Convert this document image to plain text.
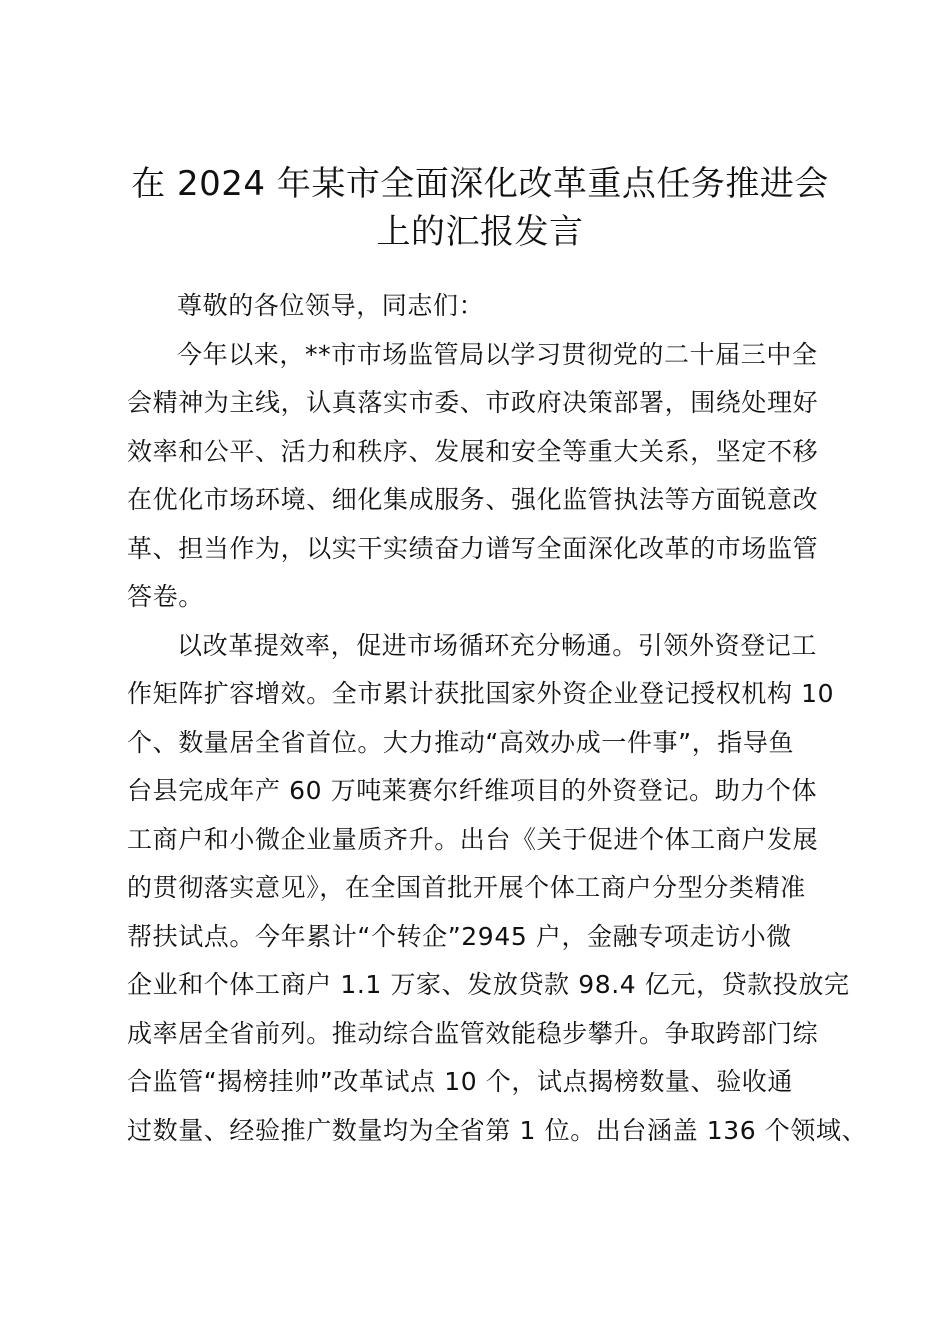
在 2024 年某市全面深化改革重点任务推进会
上的汇报发言
尊敬的各位领导，同志们：
今年以来，**市市场监管局以学习贯彻党的二十届三中全
会精神为主线，认真落实市委、市政府决策部署，围绕处理好
效率和公平、活力和秩序、发展和安全等重大关系，坚定不移
在优化市场环境、细化集成服务、强化监管执法等方面锐意改
革、担当作为，以实干实绩奋力谱写全面深化改革的市场监管
答卷。
以改革提效率，促进市场循环充分畅通。引领外资登记工
作矩阵扩容增效。全市累计获批国家外资企业登记授权机构 10
个、数量居全省首位。大力推动“高效办成一件事”，指导鱼
台县完成年产 60 万吨莱赛尔纤维项目的外资登记。助力个体
工商户和小微企业量质齐升。出台《关于促进个体工商户发展
的贯彻落实意见》，在全国首批开展个体工商户分型分类精准
帮扶试点。今年累计“个转企”2945 户，金融专项走访小微
企业和个体工商户 1.1 万家、发放贷款 98.4 亿元，贷款投放完
成率居全省前列。推动综合监管效能稳步攀升。争取跨部门综
合监管“揭榜挂帅”改革试点 10 个，试点揭榜数量、验收通
过数量、经验推广数量均为全省第 1 位。出台涵盖 136 个领域、
